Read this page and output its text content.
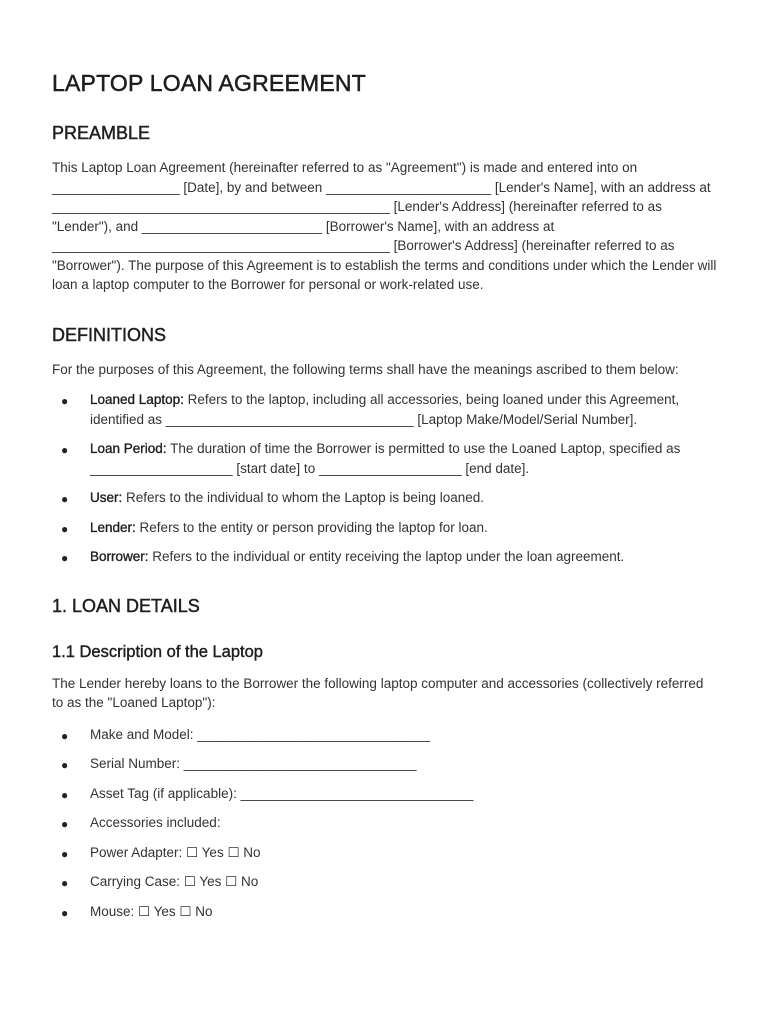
LAPTOP LOAN AGREEMENT
PREAMBLE

This Laptop Loan Agreement (hereinafter referred to as "Agreement") is made and entered into on _________________ [Date], by and between ______________________ [Lender's Name], with an address at _____________________________________________ [Lender's Address] (hereinafter referred to as "Lender"), and ________________________ [Borrower's Name], with an address at _____________________________________________ [Borrower's Address] (hereinafter referred to as "Borrower"). The purpose of this Agreement is to establish the terms and conditions under which the Lender will loan a laptop computer to the Borrower for personal or work-related use.

DEFINITIONS

For the purposes of this Agreement, the following terms shall have the meanings ascribed to them below:

● Loaned Laptop: Refers to the laptop, including all accessories, being loaned under this Agreement, identified as _________________________________ [Laptop Make/Model/Serial Number].
● Loan Period: The duration of time the Borrower is permitted to use the Loaned Laptop, specified as ___________________ [start date] to ___________________ [end date].
● User: Refers to the individual to whom the Laptop is being loaned.
● Lender: Refers to the entity or person providing the laptop for loan.
● Borrower: Refers to the individual or entity receiving the laptop under the loan agreement.
1. LOAN DETAILS
1.1 Description of the Laptop

The Lender hereby loans to the Borrower the following laptop computer and accessories (collectively referred to as the "Loaned Laptop"):

● Make and Model: _______________________________
● Serial Number: _______________________________
● Asset Tag (if applicable): _______________________________
● Accessories included:
● Power Adapter: ☐ Yes ☐ No
● Carrying Case: ☐ Yes ☐ No
● Mouse: ☐ Yes ☐ No
